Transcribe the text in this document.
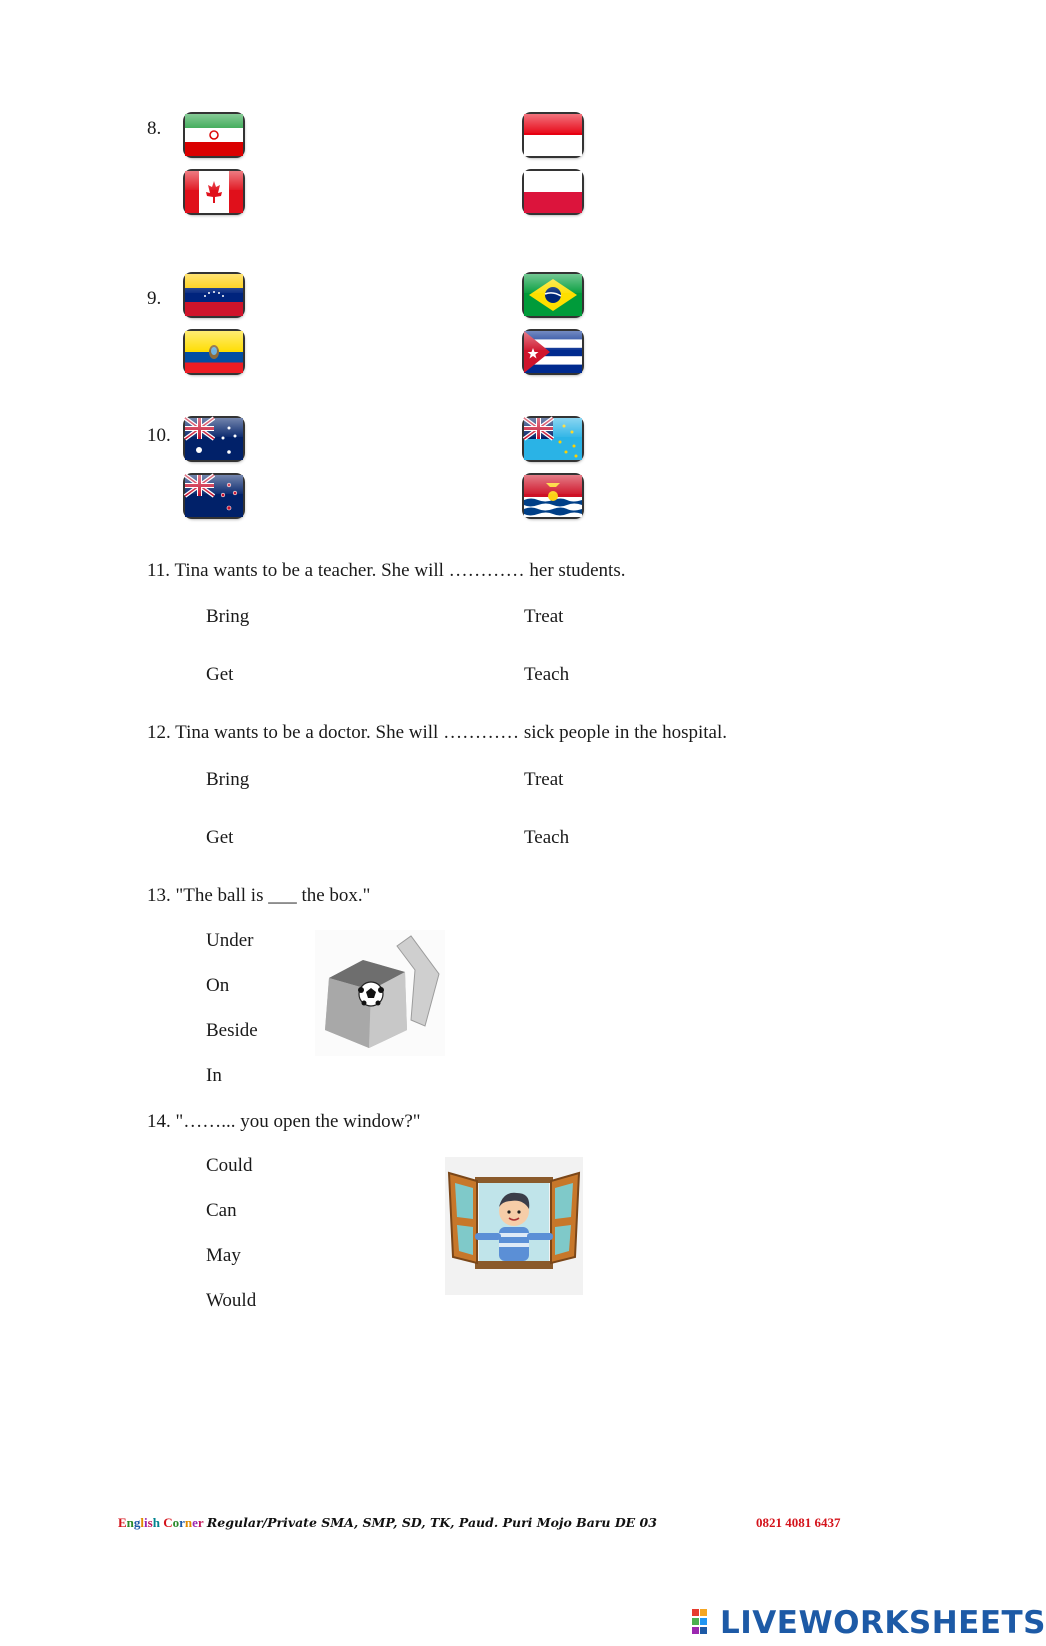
8.
9.
10.
11. Tina wants to be a teacher. She will ………… her students.
Bring	Treat
Get	Teach
12. Tina wants to be a doctor. She will ………… sick people in the hospital.
Bring	Treat
Get	Teach
13. "The ball is ___ the box."
Under
On
Beside
In
14. "……... you open the window?"
Could
Can
May
Would
English Corner Regular/Private SMA, SMP, SD, TK, Paud. Puri Mojo Baru DE 03	0821 4081 6437
LIVEWORKSHEETS
